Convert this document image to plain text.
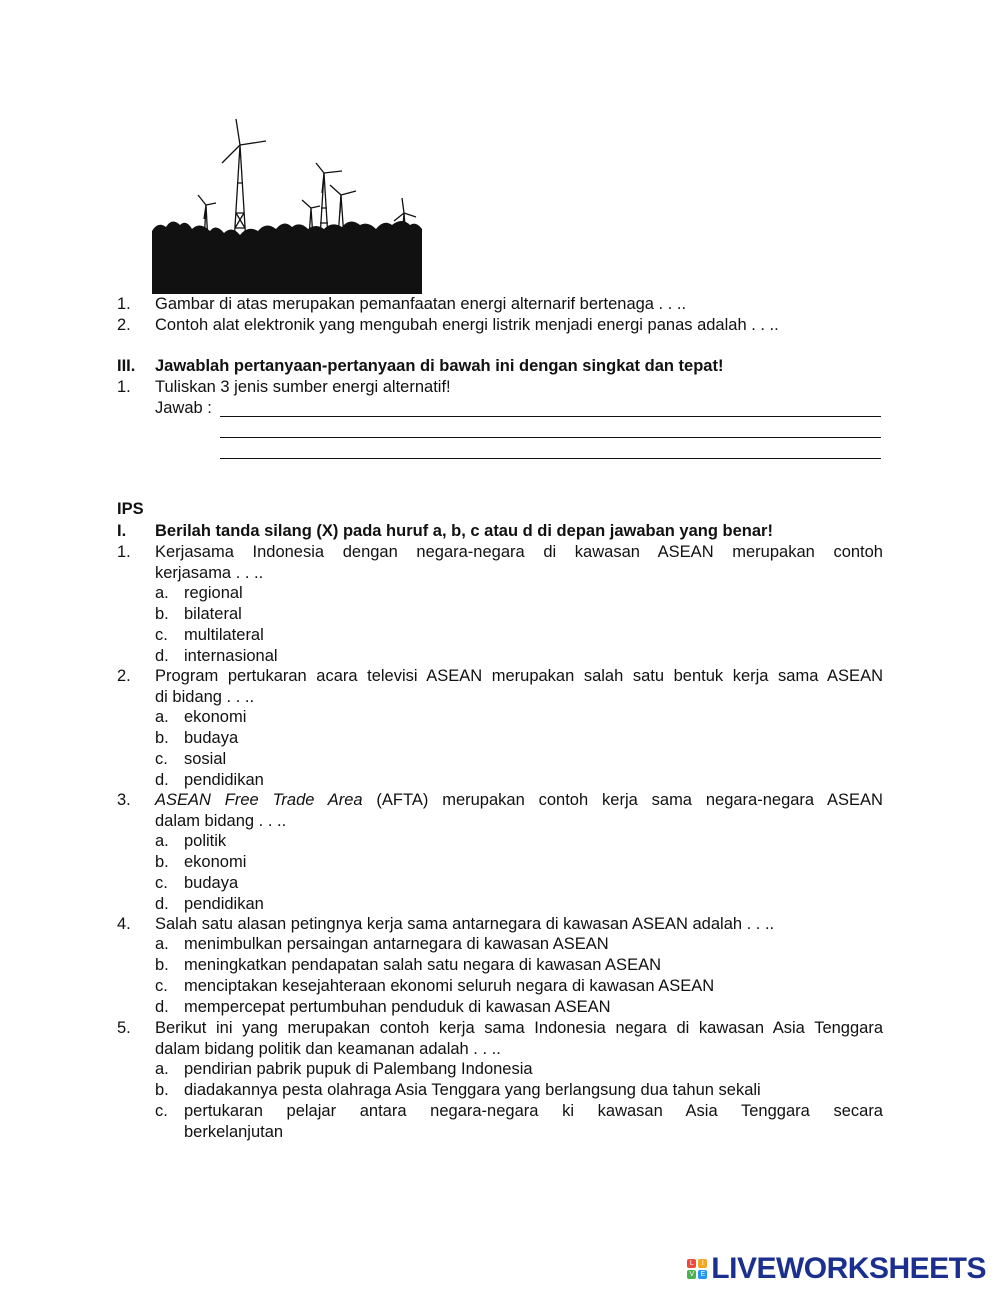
1.	Gambar di atas merupakan pemanfaatan energi alternarif bertenaga . . ..
2.	Contoh alat elektronik yang mengubah energi listrik menjadi energi panas adalah . . ..
III.	Jawablah pertanyaan-pertanyaan di bawah ini dengan singkat dan tepat!
1.	Tuliskan 3 jenis sumber energi alternatif!
Jawab :
IPS
I.	Berilah tanda silang (X) pada huruf a, b, c atau d di depan jawaban yang benar!
1.	Kerjasama Indonesia dengan negara-negara di kawasan ASEAN merupakan contoh
kerjasama . . ..
a. regional
b. bilateral
c. multilateral
d. internasional
2.	Program pertukaran acara televisi ASEAN merupakan salah satu bentuk kerja sama ASEAN
di bidang . . ..
a. ekonomi
b. budaya
c. sosial
d. pendidikan
3.	ASEAN Free Trade Area (AFTA) merupakan contoh kerja sama negara-negara ASEAN
dalam bidang . . ..
a. politik
b. ekonomi
c. budaya
d. pendidikan
4.	Salah satu alasan petingnya kerja sama antarnegara di kawasan ASEAN adalah . . ..
a. menimbulkan persaingan antarnegara di kawasan ASEAN
b. meningkatkan pendapatan salah satu negara di kawasan ASEAN
c. menciptakan kesejahteraan ekonomi seluruh negara di kawasan ASEAN
d. mempercepat pertumbuhan penduduk di kawasan ASEAN
5.	Berikut ini yang merupakan contoh kerja sama Indonesia negara di kawasan Asia Tenggara
dalam bidang politik dan keamanan adalah . . ..
a. pendirian pabrik pupuk di Palembang Indonesia
b. diadakannya pesta olahraga Asia Tenggara yang berlangsung dua tahun sekali
c. pertukaran pelajar antara negara-negara ki kawasan Asia Tenggara secara
berkelanjutan
L	I
V E LIVEWORKSHEETS
